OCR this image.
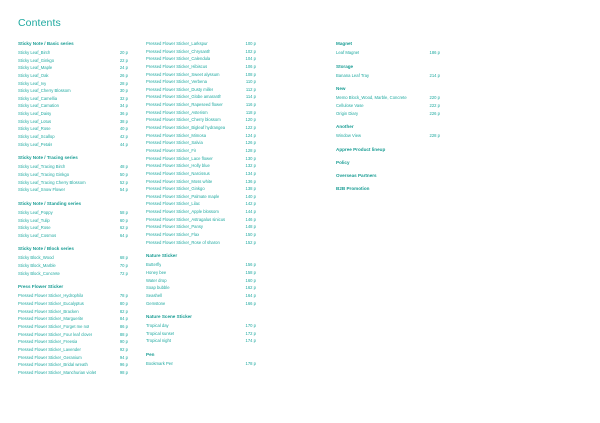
Contents
Sticky Note / Basic series
Sticky Leaf_Birch	20 p
Sticky Leaf_Ginkgo	22 p
Sticky Leaf_Maple	24 p
Sticky Leaf_Oak	26 p
Sticky Leaf_Ivy	28 p
Sticky Leaf_Cherry Blossom	30 p
Sticky Leaf_Camellia	32 p
Sticky Leaf_Carnation	34 p
Sticky Leaf_Daisy	36 p
Sticky Leaf_Lotus	38 p
Sticky Leaf_Rose	40 p
Sticky Leaf_Scallop	42 p
Sticky Leaf_Petals	44 p
Sticky Note / Tracing series
Sticky Leaf_Tracing Birch	48 p
Sticky Leaf_Tracing Ginkgo	50 p
Sticky Leaf_Tracing Cherry Blossom	52 p
Sticky Leaf_Snow Flower	54 p
Sticky Note / Standing series
Sticky Leaf_Poppy	58 p
Sticky Leaf_Tulip	60 p
Sticky Leaf_Rose	62 p
Sticky Leaf_Cosmos	64 p
Sticky Note / Block series
Sticky Block_Wood	68 p
Sticky Block_Marble	70 p
Sticky Block_Concrete	72 p
Press Flower Sticker
Pressed Flower Sticker_Hydrophila	78 p
Pressed Flower Sticker_Eucalyptus	80 p
Pressed Flower Sticker_Bracken	82 p
Pressed Flower Sticker_Marguerite	84 p
Pressed Flower Sticker_Forget me not	86 p
Pressed Flower Sticker_Four leaf clover	88 p
Pressed Flower Sticker_Freesia	90 p
Pressed Flower Sticker_Lavender	92 p
Pressed Flower Sticker_Geranium	94 p
Pressed Flower Sticker_Bridal wreath	96 p
Pressed Flower Sticker_Manchurian violet	98 p
Pressed Flower Sticker_Larkspur	100 p
Pressed Flower Sticker_Chrysanth	102 p
Pressed Flower Sticker_Calendula	104 p
Pressed Flower Sticker_Hibiscus	106 p
Pressed Flower Sticker_Sweet alyssum	108 p
Pressed Flower Sticker_Verbena	110 p
Pressed Flower Sticker_Dusty miller	112 p
Pressed Flower Sticker_Globe amaranth	114 p
Pressed Flower Sticker_Rapeseed flower	116 p
Pressed Flower Sticker_Asterism	118 p
Pressed Flower Sticker_Cherry blossom	120 p
Pressed Flower Sticker_Bigleaf hydrangea	122 p
Pressed Flower Sticker_Mimosa	124 p
Pressed Flower Sticker_Salvia	126 p
Pressed Flower Sticker_Fir	128 p
Pressed Flower Sticker_Lace flower	130 p
Pressed Flower Sticker_Holly blue	132 p
Pressed Flower Sticker_Narcissus	134 p
Pressed Flower Sticker_Moss white	136 p
Pressed Flower Sticker_Ginkgo	138 p
Pressed Flower Sticker_Palmate maple	140 p
Pressed Flower Sticker_Lilac	142 p
Pressed Flower Sticker_Apple blossom	144 p
Pressed Flower Sticker_Astragalus sinicus	146 p
Pressed Flower Sticker_Pansy	148 p
Pressed Flower Sticker_Flax	150 p
Pressed Flower Sticker_Rose of sharon	152 p
Nature Sticker
Butterfly	156 p
Honey bee	158 p
Water drop	160 p
Soap bubble	162 p
Seashell	164 p
Gemstone	166 p
Nature Scene Sticker
Tropical day	170 p
Tropical sunset	172 p
Tropical night	174 p
Pen
Bookmark Pen	178 p
Magnet
Leaf Magnet	186 p
Storage
Banana Leaf Tray	214 p
New
Memo Block_Wood, Marble, Concrete	220 p
Cellulose Vase	222 p
Origin Diary	226 p
Another
Window View	228 p
Appree Product lineup
Policy
Overseas Partners
B2B Promotion
